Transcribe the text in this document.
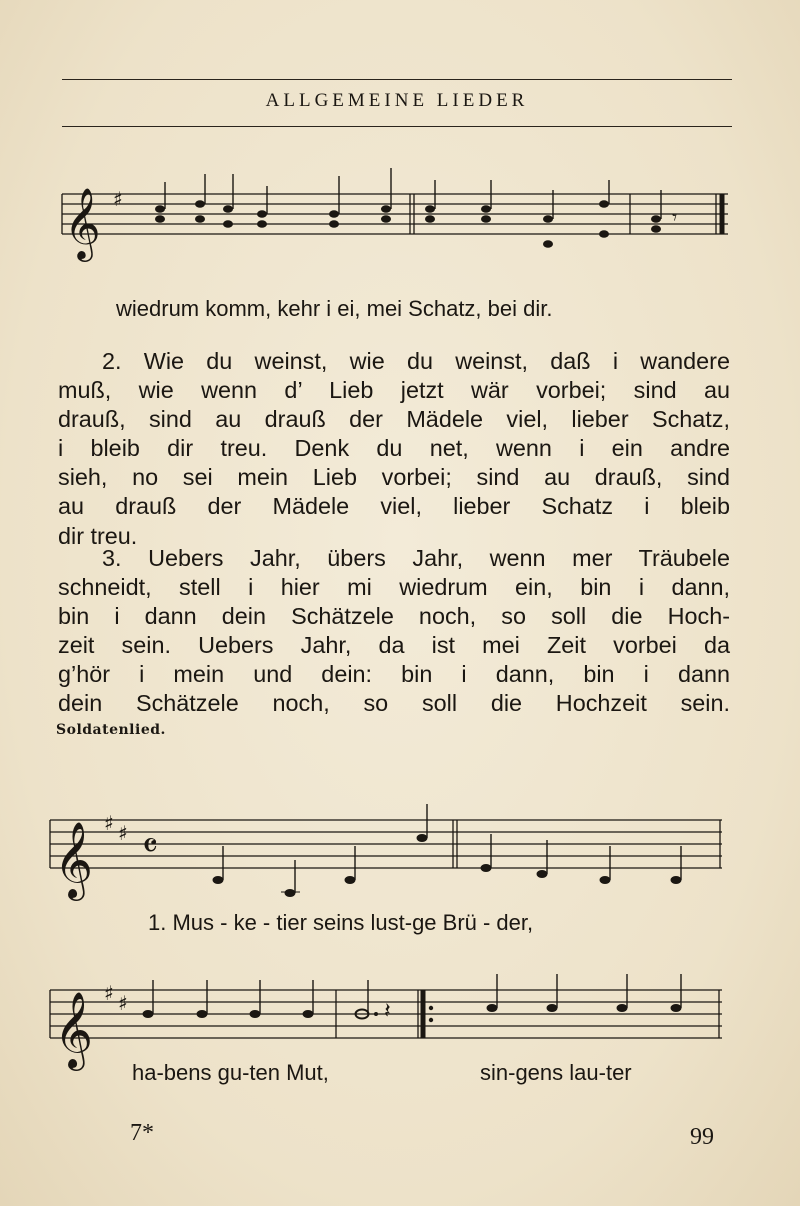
ALLGEMEINE LIEDER
𝄞 ♯
𝄾
wiedrum komm, kehr i ei, mei Schatz, bei dir.
2. Wie du weinst, wie du weinst, daß i wandere
muß, wie wenn d’ Lieb jetzt wär vorbei; sind au
drauß, sind au drauß der Mädele viel, lieber Schatz,
i bleib dir treu. Denk du net, wenn i ein andre
sieh, no sei mein Lieb vorbei; sind au drauß, sind
au drauß der Mädele viel, lieber Schatz i bleib
dir treu.
3. Uebers Jahr, übers Jahr, wenn mer Träubele
schneidt, stell i hier mi wiedrum ein, bin i dann,
bin i dann dein Schätzele noch, so soll die Hoch-
zeit sein. Uebers Jahr, da ist mei Zeit vorbei da
g’hör i mein und dein: bin i dann, bin i dann
dein Schätzele noch, so soll die Hochzeit sein.
Soldatenlied.
𝄞 ♯ ♯ 𝄴
1. Mus - ke - tier seins lust-ge Brü - der,
𝄞 ♯ ♯	𝄽
ha-bens gu-ten Mut,	sin-gens lau-ter
7*	99
